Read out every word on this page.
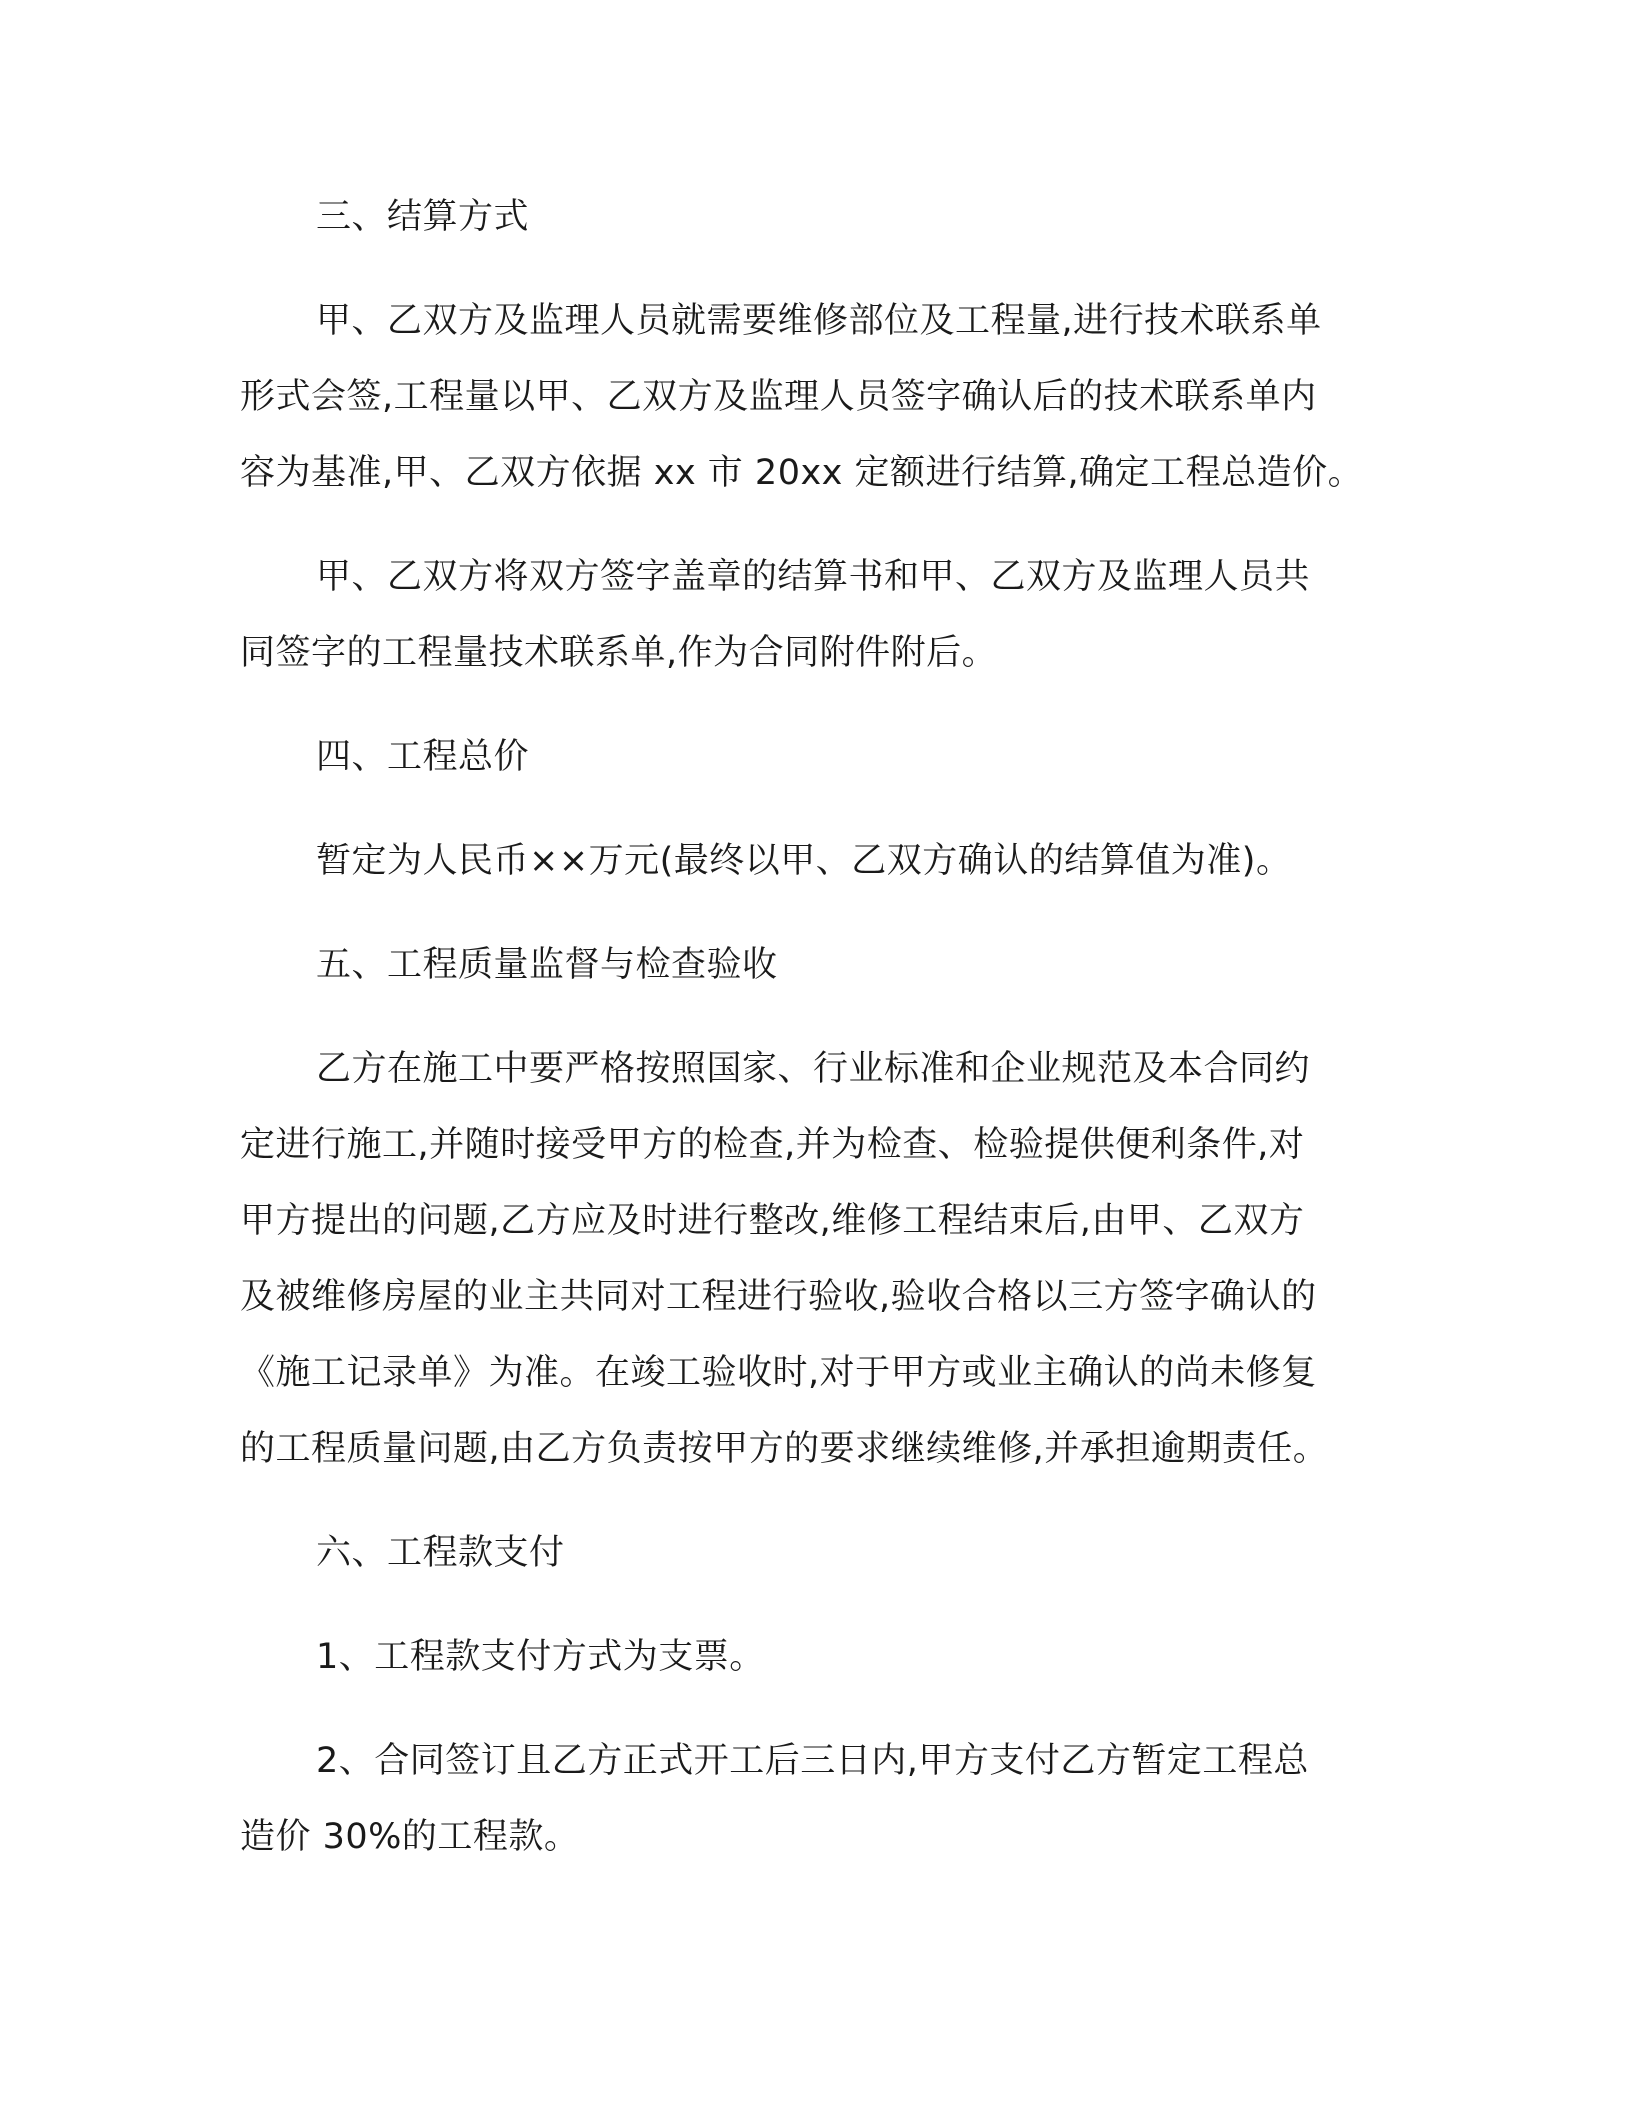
三、结算方式
甲、乙双方及监理人员就需要维修部位及工程量,进行技术联系单
形式会签,工程量以甲、乙双方及监理人员签字确认后的技术联系单内
容为基准,甲、乙双方依据 xx 市 20xx 定额进行结算,确定工程总造价。
甲、乙双方将双方签字盖章的结算书和甲、乙双方及监理人员共
同签字的工程量技术联系单,作为合同附件附后。
四、工程总价
暂定为人民币××万元(最终以甲、乙双方确认的结算值为准)。
五、工程质量监督与检查验收
乙方在施工中要严格按照国家、行业标准和企业规范及本合同约
定进行施工,并随时接受甲方的检查,并为检查、检验提供便利条件,对
甲方提出的问题,乙方应及时进行整改,维修工程结束后,由甲、乙双方
及被维修房屋的业主共同对工程进行验收,验收合格以三方签字确认的
《施工记录单》为准。在竣工验收时,对于甲方或业主确认的尚未修复
的工程质量问题,由乙方负责按甲方的要求继续维修,并承担逾期责任。
六、工程款支付
1、工程款支付方式为支票。
2、合同签订且乙方正式开工后三日内,甲方支付乙方暂定工程总
造价 30%的工程款。
